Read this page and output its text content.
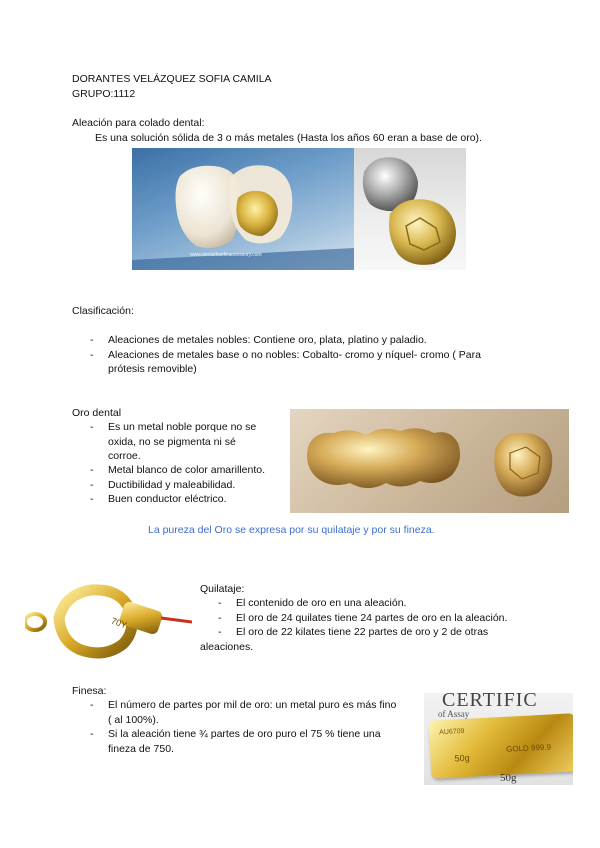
DORANTES VELÁZQUEZ SOFIA CAMILA
GRUPO:1112
Aleación para colado dental:
Es una solución sólida de 3 o más metales (Hasta los años 60 eran a base de oro).
www.dentalfastfixaccessory.com
Clasificación:
- Aleaciones de metales nobles: Contiene oro, plata, platino y paladio.
- Aleaciones de metales base o no nobles: Cobalto- cromo y níquel- cromo ( Para
prótesis removible)
Oro dental
- Es un metal noble porque no se
oxida, no se pigmenta ni sé
corroe.
- Metal blanco de color amarillento.
- Ductibilidad y maleabilidad.
- Buen conductor eléctrico.
La pureza del Oro se expresa por su quilataje y por su fineza.
70Y
Quilataje:
- El contenido de oro en una aleación.
- El oro de 24 quilates tiene 24 partes de oro en la aleación.
- El oro de 22 kilates tiene 22 partes de oro y 2 de otras
aleaciones.
Finesa:
- El número de partes por mil de oro: un metal puro es más fino
( al 100%).
- Si la aleación tiene ¾ partes de oro puro el 75 % tiene una
fineza de 750.
CERTIFIC
of Assay
AU6709
50g
GOLD 999.9
50g
